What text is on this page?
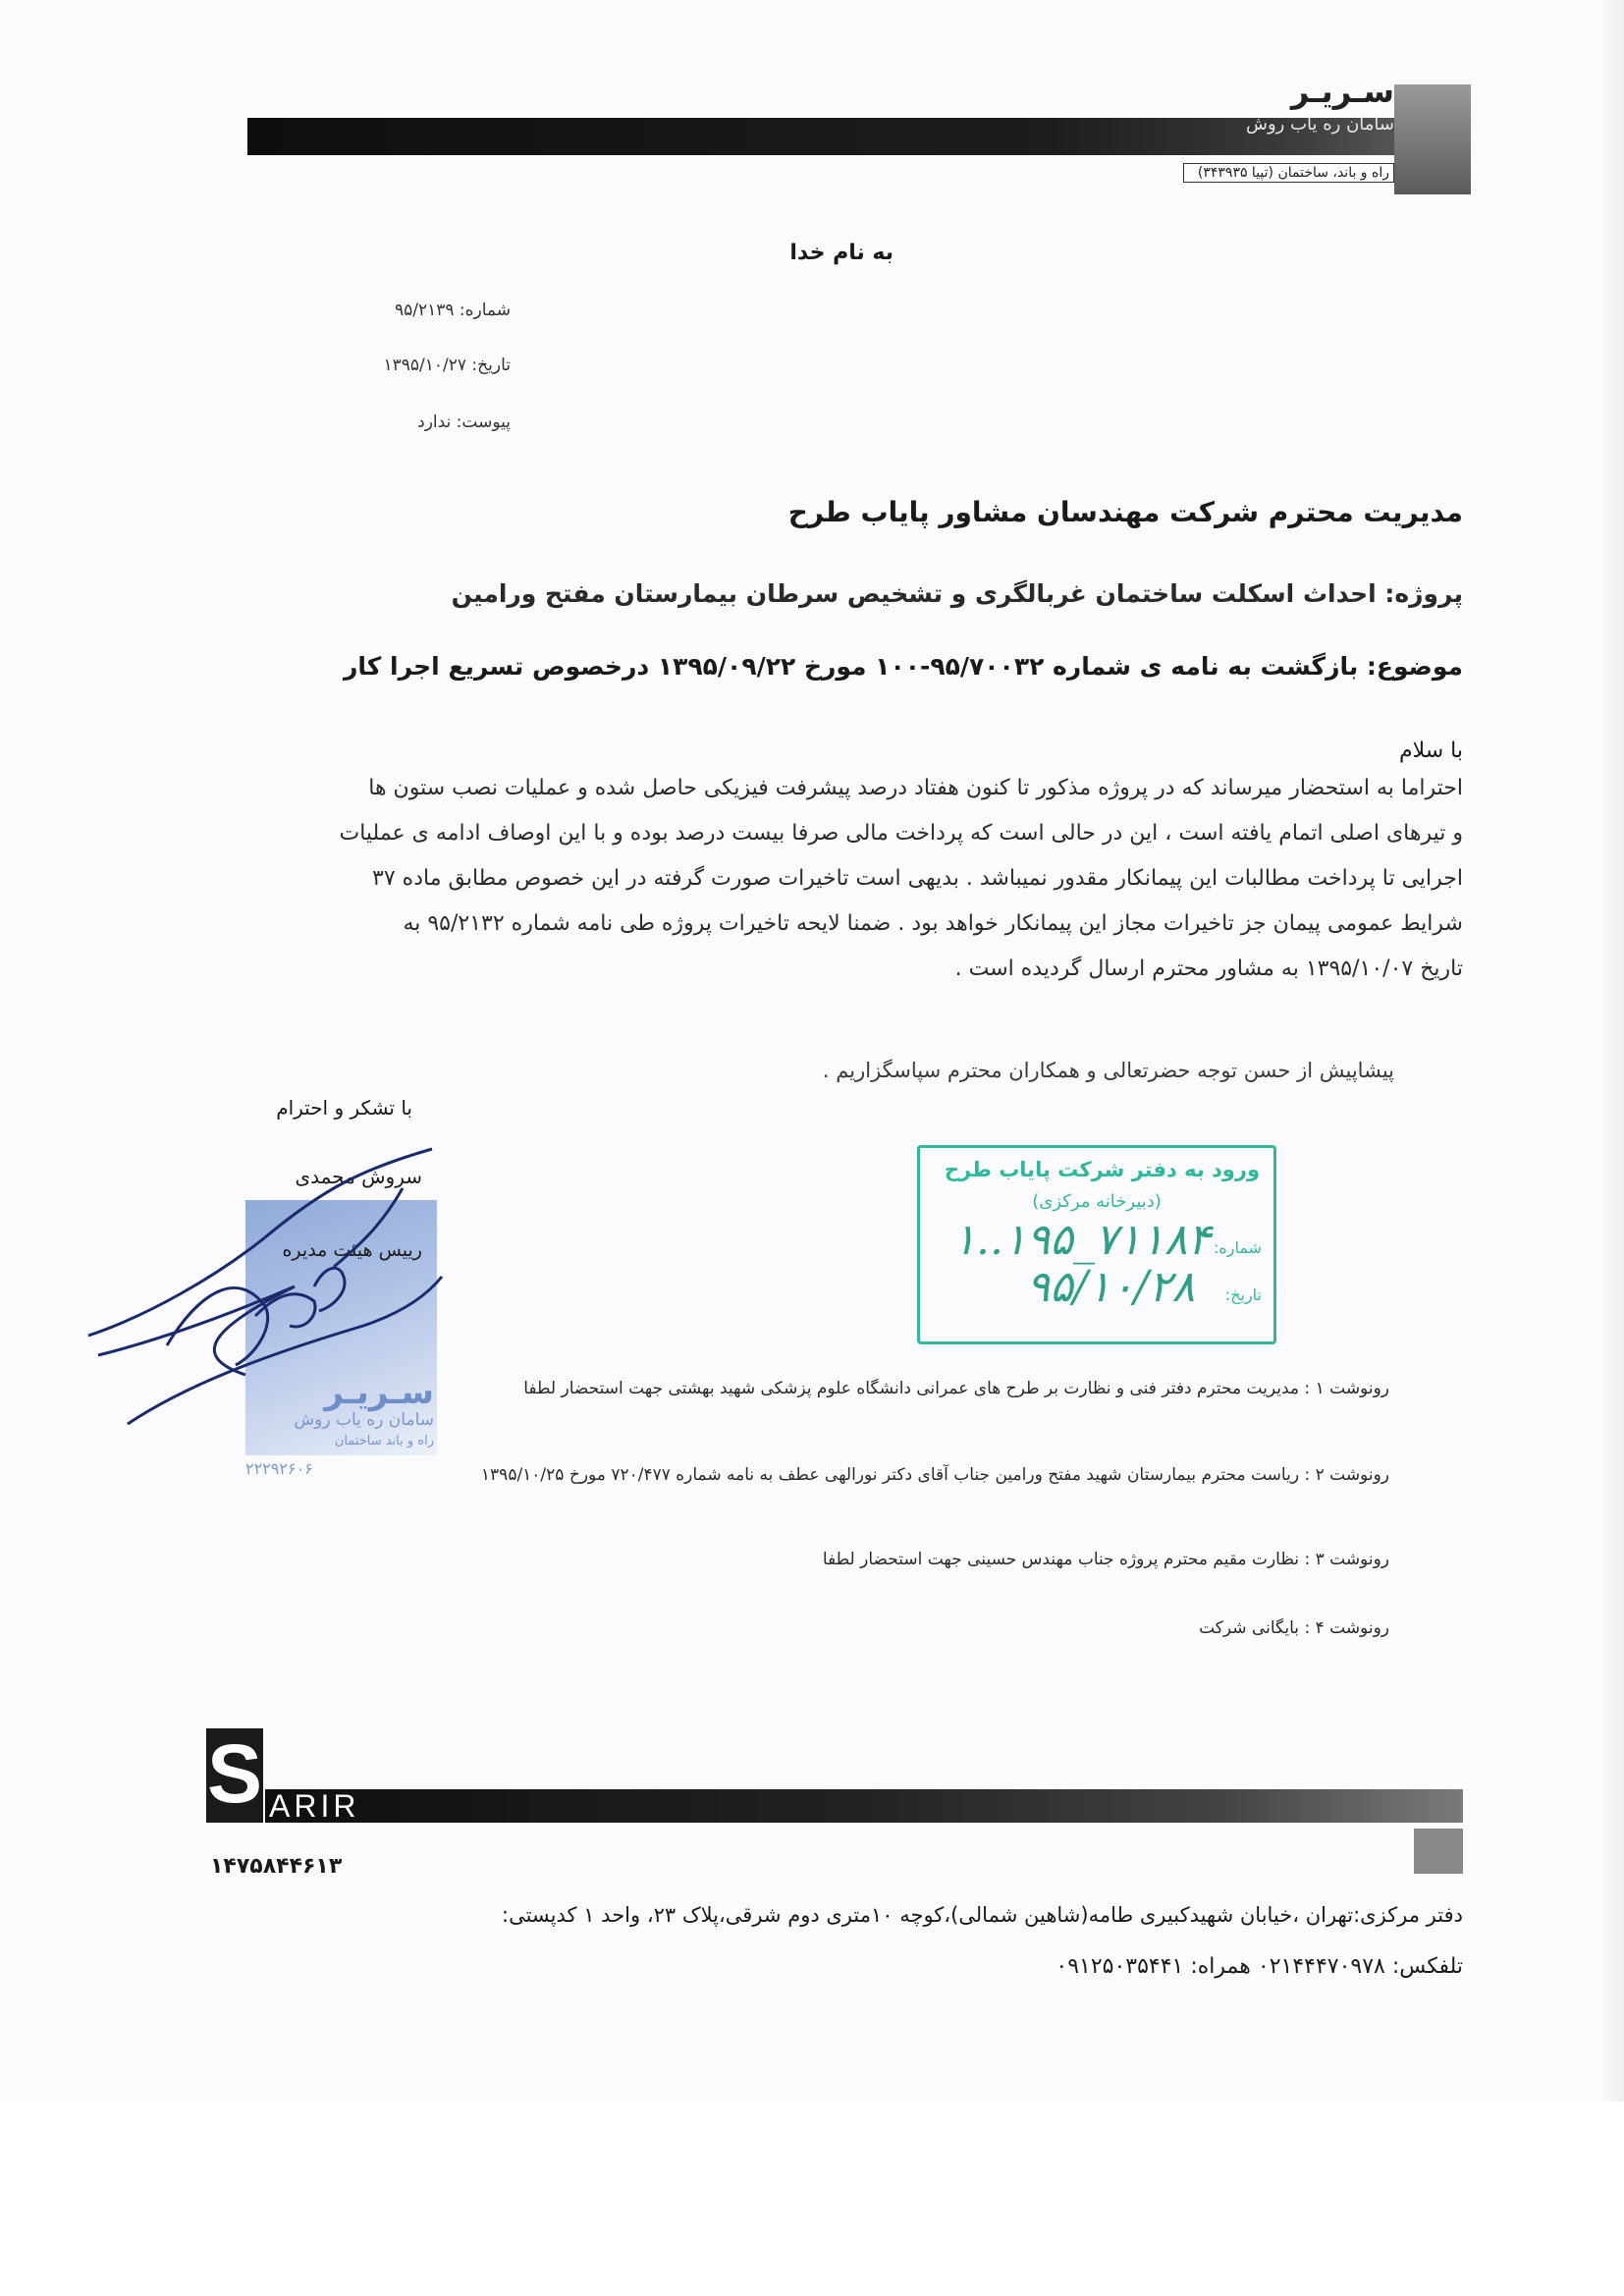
سـریـر
سامان ره یاب روش
راه و باند، ساختمان (تپیا ۳۴۳۹۳۵)
به نام خدا
شماره: ۹۵/۲۱۳۹
تاریخ: ۱۳۹۵/۱۰/۲۷
پیوست: ندارد
مدیریت محترم شرکت مهندسان مشاور پایاب طرح
پروژه: احداث اسکلت ساختمان غربالگری و تشخیص سرطان بیمارستان مفتح ورامین
موضوع: بازگشت به نامه ی شماره ۹۵/۷۰۰۳۲-۱۰۰ مورخ ۱۳۹۵/۰۹/۲۲ درخصوص تسریع اجرا کار
با سلام
احتراما به استحضار میرساند که در پروژه مذکور تا کنون هفتاد درصد پیشرفت فیزیکی حاصل شده و عملیات نصب ستون ها
و تیرهای اصلی اتمام یافته است ، این در حالی است که پرداخت مالی صرفا بیست درصد بوده و با این اوصاف ادامه ی عملیات
اجرایی تا پرداخت مطالبات این پیمانکار مقدور نمیباشد . بدیهی است تاخیرات صورت گرفته در این خصوص مطابق ماده ۳۷
شرایط عمومی پیمان جز تاخیرات مجاز این پیمانکار خواهد بود . ضمنا لایحه تاخیرات پروژه طی نامه شماره ۹۵/۲۱۳۲ به
تاریخ ۱۳۹۵/۱۰/۰۷ به مشاور محترم ارسال گردیده است .
پیشاپیش از حسن توجه حضرتعالی و همکاران محترم سپاسگزاریم .
سـریـر
سامان ره یاب روش
راه و باند ساختمان
با تشکر و احترام
سروش محمدی
رییس هیئت مدیره
ورود به دفتر شرکت پایاب طرح
(دبیرخانه مرکزی)
شماره:
تاریخ:
۱..۱۹۵_۷۱۱۸۴
۹۵/۱۰/۲۸
رونوشت ۱ : مدیریت محترم دفتر فنی و نظارت بر طرح های عمرانی دانشگاه علوم پزشکی شهید بهشتی جهت استحضار لطفا
رونوشت ۲ : ریاست محترم بیمارستان شهید مفتح ورامین جناب آقای دکتر نورالهی عطف به نامه شماره ۷۲۰/۴۷۷ مورخ ۱۳۹۵/۱۰/۲۵
۲۲۲۹۲۶۰۶
رونوشت ۳ : نظارت مقیم محترم پروژه جناب مهندس حسینی جهت استحضار لطفا
رونوشت ۴ : بایگانی شرکت
S ARIR
۱۴۷۵۸۴۴۶۱۳
دفتر مرکزی:تهران ،خیابان شهیدکبیری طامه(شاهین شمالی)،کوچه ۱۰متری دوم شرقی،پلاک ۲۳، واحد ۱ کدپستی:
تلفکس: ۰۲۱۴۴۴۷۰۹۷۸ همراه: ۰۹۱۲۵۰۳۵۴۴۱
